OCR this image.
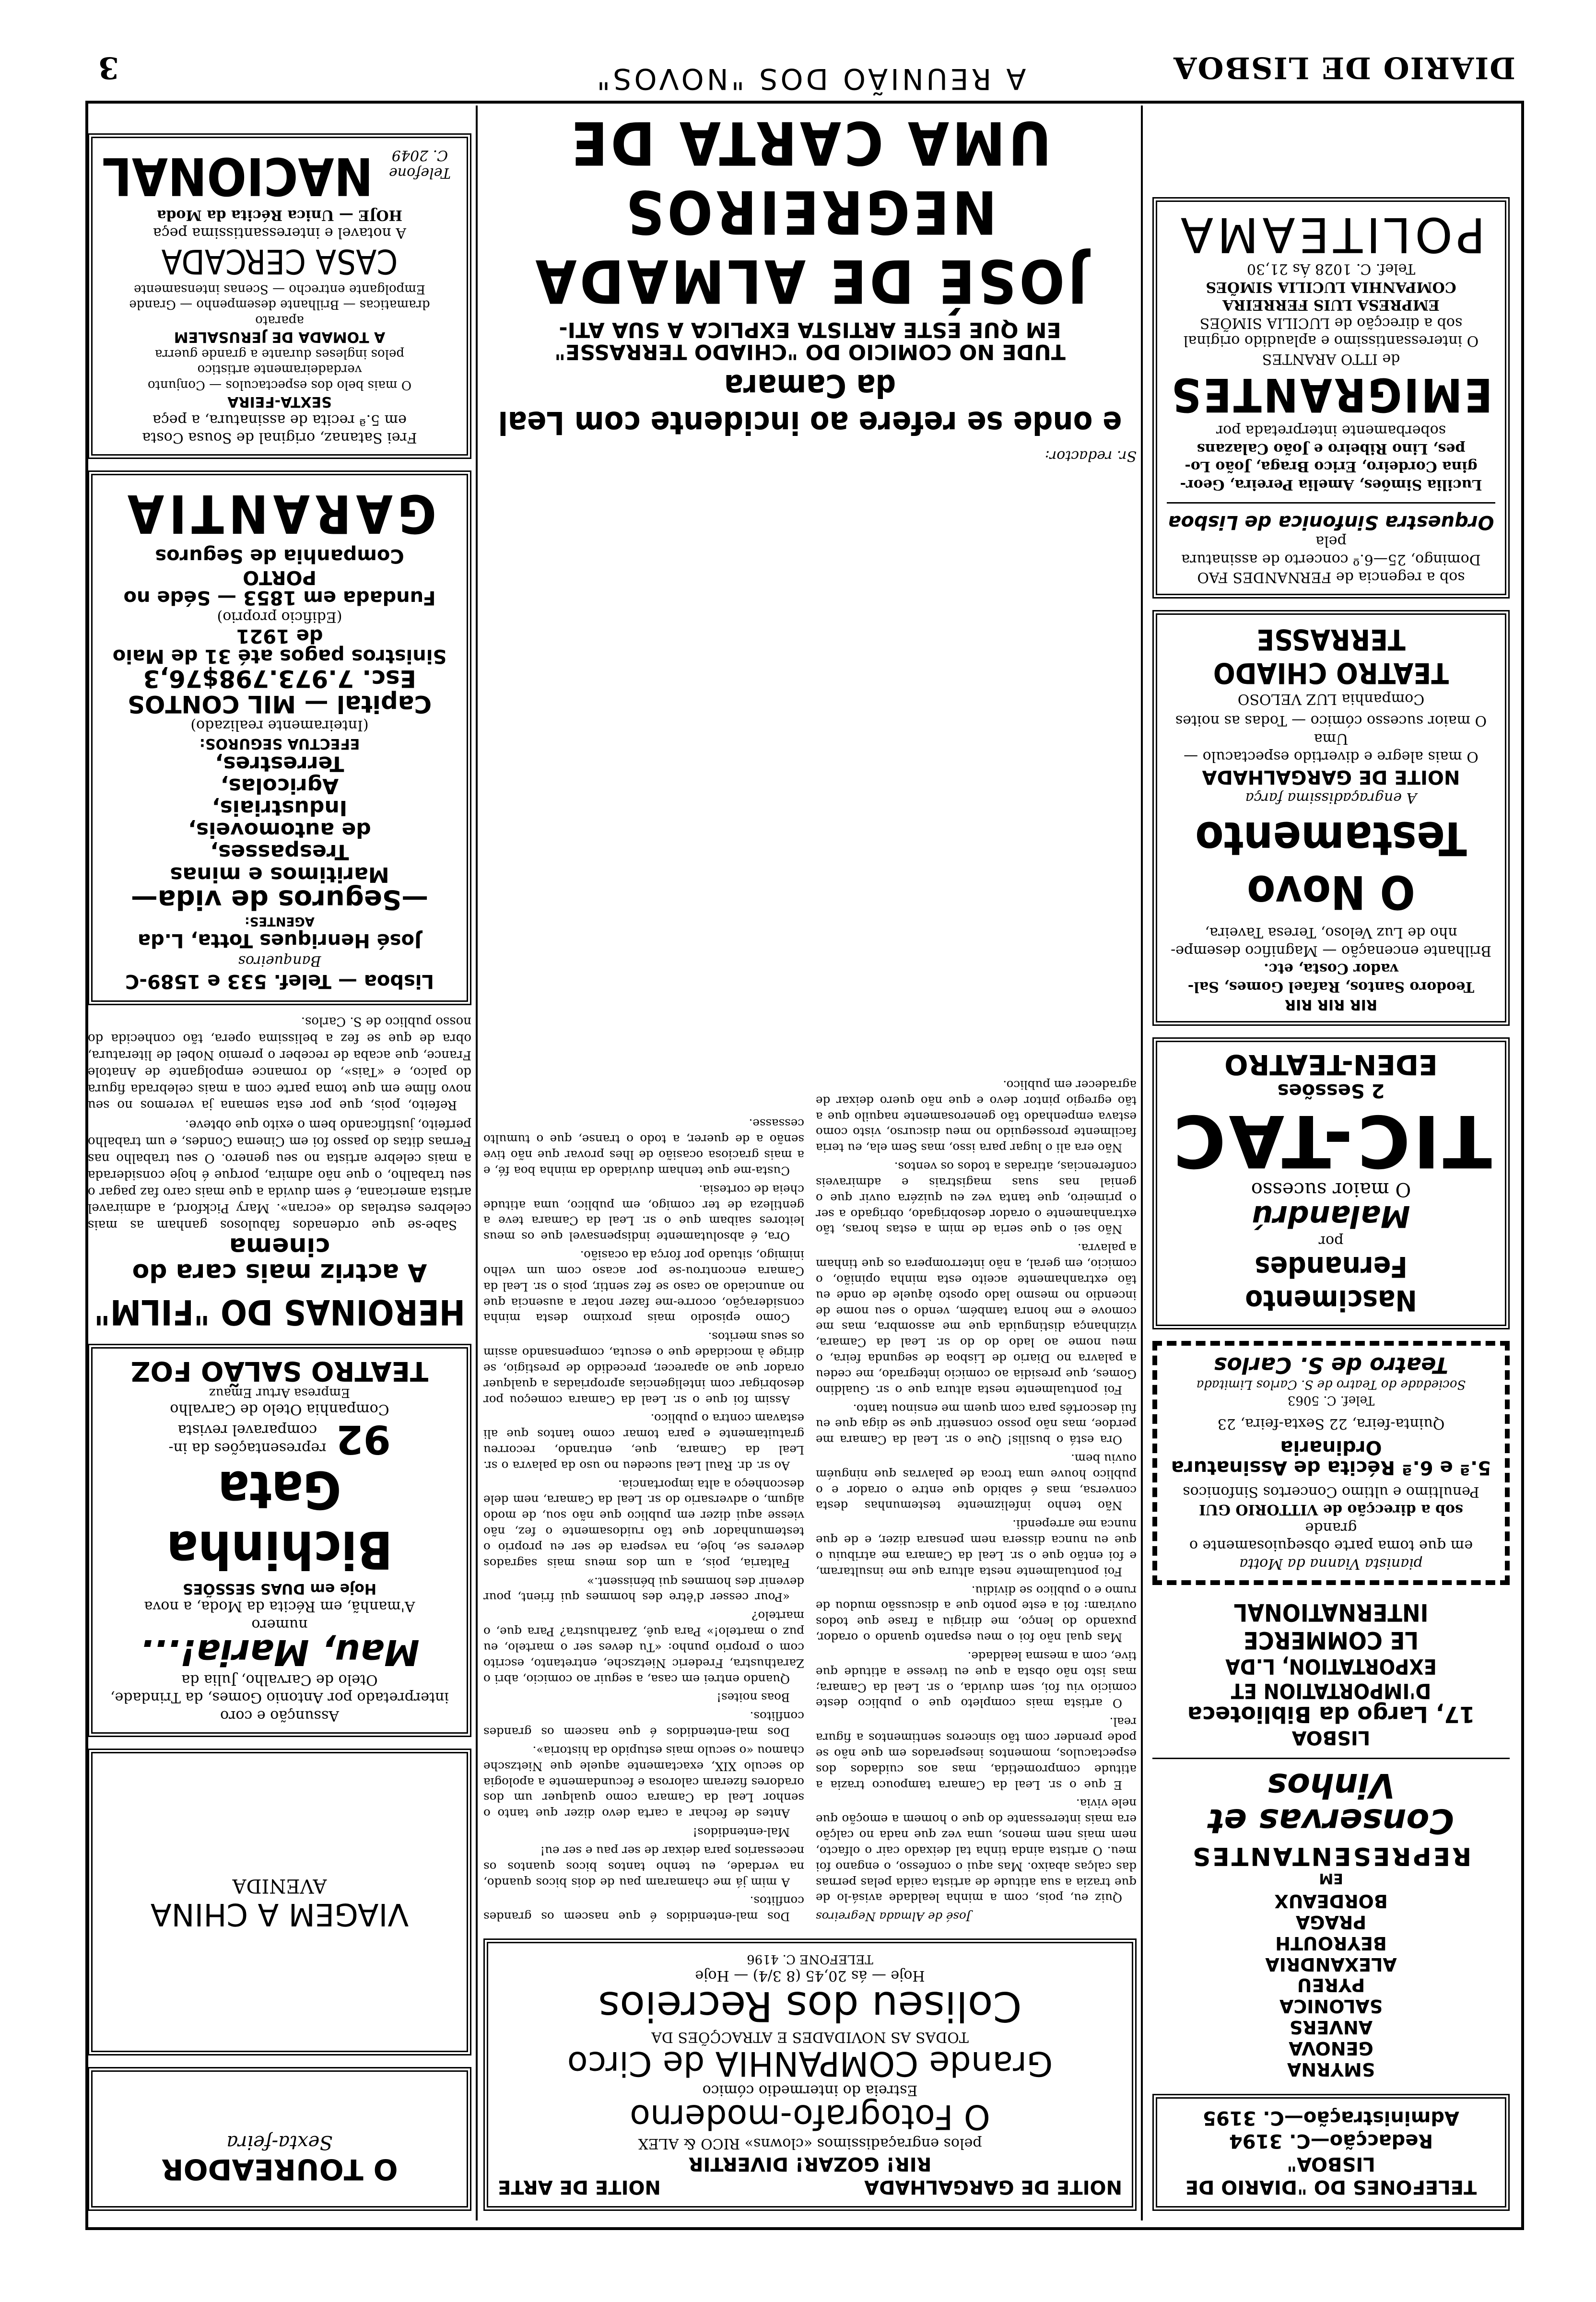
DIARIO DE LISBOA
3
TELEFONES DO "DIARIO DE LISBOA"
Redacção—C. 3194
Administração—C. 3195

SMYRNA

GENOVA

ANVERS

SALONICA

PYREU

ALEXANDRIA

BEYROUTH

PRAGA

BORDEAUX

EM
REPRESENTANTES
Conservas et Vinhos
LISBOA
17, Largo da Biblioteca
D'IMPORTATION ET EXPORTATION, L.DA
LE COMMERCE INTERNATIONAL
pianista Vianna da Motta
em que toma parte obsequiosamente o grande
sob a direcção de VITTORIO GUI
Penultimo e ultimo Concertos Sinfonicos
5.ª e 6.ª Récita de Assinatura Ordinaria
Quinta-feira, 22 Sexta-feira, 23
Telef. C. 5063
Sociedade do Teatro de S. Carlos Limitada
Teatro de S. Carlos
Nascimento Fernandes
por
Malandrú
O maior sucesso
TIC-TAC
2 Sessões
EDEN-TEATRO
RIR RIR RIR
Teodoro Santos, Rafael Gomes, Sal-
vador Costa, etc.
Brilhante encenação — Magnifico desempe-
nho de Luz Veloso, Teresa Taveira,
O Novo Testamento
A engraçadissima farça
NOITE DE GARGALHADA
O mais alegre e divertido espectaculo — Uma
O maior sucesso cómico — Todas as noites
Companhia LUZ VELOSO
TEATRO CHIADO TERRASSE
sob a regencia de FERNANDES FAO
Domingo, 25—6.º concerto de assinatura pela
Orquestra Sinfonica de Lisboa
Lucilia Simões, Amelia Pereira, Geor-
gina Cordeiro, Erico Braga, João Lo-
pes, Lino Ribeiro e João Calazans
soberbamente interpretada por
EMIGRANTES
de ITTO ARANTES
O interessantissimo e aplaudido original
sob a direcção de LUCILIA SIMÕES
EMPRESA LUIS FERREIRA
COMPANHIA LUCILIA SIMÕES
Telef. C. 1028 Ás 21,30
POLITEAMA
NOITE DE GARGALHADA
NOITE DE ARTE
RIR! GOZAR! DIVERTIR
pelos engraçadissimos «clowns» RICO & ALEX
O Fotografo-moderno
Estreia do intermedio cómico
Grande COMPANHIA de Circo
TODAS AS NOVIDADES E ATRACÇÕES DA
Coliseu dos Recreios
Hoje — ás 20,45 (8 3/4) — Hoje
TELEFONE C. 4196
José de Almada Negreiros

Quiz eu, pois, com a minha lealdade avisá-lo de que trazia a sua atitude de artista caida pelas pernas das calças abaixo. Mas aqui o confesso, o engano foi meu. O artista ainda tinha tal deixado cair o olfacto, nem mais nem menos, uma vez que nada no calção era mais interessante do que o homem a emoção que nele vivia.

E que o sr. Leal da Camara tampouco trazia a atitude comprometida, mas aos cuidados dos espectaculos, momentos inesperados em que não se pode prender com tão sinceros sentimentos a figura real.

O artista mais completo que o publico deste comicio viu foi, sem duvida, o sr. Leal da Camara; mas isto não obsta a que eu tivesse a atitude que tive, com a mesma lealdade.

Mas qual não foi o meu espanto quando o orador, puxando do lenço, me dirigiu a frase que todos ouviram: foi a este ponto que a discussão mudou de rumo e o publico se dividiu.

Foi pontualmente nesta altura que me insultaram, e foi então que o sr. Leal da Camara me atribuiu o que eu nunca dissera nem pensara dizer, e de que nunca me arrependi.

Não tenho infelizmente testemunhas desta conversa, mas é sabido que entre o orador e o publico houve uma troca de palavras que ninguém ouviu bem.

Ora está o busilis! Que o sr. Leal da Camara me perdoe, mas não posso consentir que se diga que eu fui descortês para com quem me ensinou tanto.

Foi pontualmente nesta altura que o sr. Gualdino Gomes, que presidia ao comicio integrado, me cedeu a palavra no Diario de Lisboa de segunda feira, o meu nome ao lado do do sr. Leal da Camara, vizinhança distinguida que me assombra, mas me comove e me honra também, vendo o seu nome de incendio no mesmo lado oposto àquele de onde eu tão extranhamente aceito esta minha opinião, o comicio, em geral, a não interrompera os que tinham a palavra.

Não sei o que seria de mim a estas horas, tão extranhamente o orador desobrigado, obrigado a ser o primeiro, que tanta vez eu quizéra ouvir que o genial nas suas magistrais e admiraveis conferencias, atiradas a todos os ventos.

Não era ali o lugar para isso, mas Sem ela, eu teria facilmente prosseguido no meu discurso, visto como estava empenhado tão generosamente naquilo que a tão egregio pintor devo e que não quero deixar de agradecer em publico.

Dos mal-entendidos é que nascem os grandes conflitos.

A mim já me chamaram pau de dois bicos quando, na verdade, eu tenho tantos bicos quantos os necessarios para deixar de ser pau e ser eu!

Mal-entendidos!

Antes de fechar a carta devo dizer que tanto o senhor Leal da Camara como qualquer um dos oradores fizeram calorosa e fecundamente a apologia do seculo XIX, exactamente aquele que Nietzsche chamou «o seculo mais estupido da historia».

Dos mal-entendidos é que nascem os grandes conflitos.

Boas noites!

Quando entrei em casa, a seguir ao comicio, abri o Zarathustra, Frederic Nietzsche, entretanto, escrito com o proprio punho: «Tu deves ser o martelo, eu puz o martelo!» Para quê, Zarathustra? Para que, o martelo?

«Pour cesser d'être des hommes qui frient, pour devenir des hommes qui bénissent.»

Faltaria, pois, a um dos meus mais sagrados deveres se, hoje, na vespera de ser eu proprio o testemunhador que tão ruidosamente o fez, não viesse aqui dizer em publico que não sou, de modo algum, o adversario do sr. Leal da Camara, nem dele desconheço a alta importancia.

Ao sr. dr. Raul Leal sucedeu no uso da palavra o sr. Leal da Camara, que, entrando, recorreu gratuitamente e para tomar como tantos que ali estavam contra o publico.

Assim foi que o sr. Leal da Camara começou por desobrigar com inteligencias apropriadas a qualquer orador que ao aparecer, precedido de prestigio, se dirige à mocidade que o escuta, compensando assim os seus meritos.

Como episodio mais proximo desta minha consideração, ocorre-me fazer notar a ausencia que no anunciado ao caso se fez sentir, pois o sr. Leal da Camara encontrou-se por acaso com um velho inimigo, situado por força da ocasião.

Ora, é absolutamente indispensavel que os meus leitores saibam que o sr. Leal da Camara teve a gentileza de ter comigo, em publico, uma atitude cheia de cortesia.

Custa-me que tenham duvidado da minha boa fé, e a mais graciosa ocasião de lhes provar que não tive senão a de querer, a todo o transe, que o tumulto cessasse.

Sr. redactor:
e onde se refere ao incidente com Leal da Camara
TUDE NO COMICIO DO "CHIADO TERRASSE"
EM QUE ESTE ARTISTA EXPLICA A SUA ATI-
JOSÉ DE ALMADA NEGREIROS
UMA CARTA DE
A REUNIÃO DOS "NOVOS"
O TOUREADOR
Sexta-feira
VIAGEM A CHINA
AVENIDA
Assunção e coro
interpretado por Antonio Gomes, da Trindade, Otelo de Carvalho, Julia da
Mau, Maria!...
numero
A'manhã, em Récita da Moda, a nova
Hoje em DUAS SESSÕES
Bichinha Gata
92
representações da in-
comparavel revista
Companhia Otelo de Carvalho
Empresa Artur Emauz
TEATRO SALÃO FOZ
HEROINAS DO "FILM"
A actriz mais cara do cinema

Sabe-se que ordenados fabulosos ganham as mais celebres estrelas do «ecran». Mary Pickford, a admiravel artista americana, é sem duvida a que mais caro faz pagar o seu trabalho, o que não admira, porque é hoje considerada a mais celebre artista no seu genero. O seu trabalho nas Fernas ditas do passo foi em Cinema Condes, e um trabalho perfeito, justificando bem o exito que obteve.

Refeito, pois, que por esta semana ja veremos no seu novo filme em que toma parte com a mais celebrada figura do palco, e «Tais», do romance empolgante de Anatole France, que acaba de receber o premio Nobel de literatura, obra de que se fez a belissima opera, tão conhecida do nosso publico de S. Carlos.

Lisboa — Telef. 533 e 1589-C
Banqueiros
José Henriques Totta, L.da
AGENTES:
—Seguros de vida—
Maritimos e minas
Trespasses,
de automoveis,
Industriais,
Agricolas,
Terrestres,
EFECTUA SEGUROS:
(Inteiramente realizado)
Capital — MIL CONTOS
Esc. 7.973.798$76,3
Sinistros pagos até 31 de Maio de 1921
(Edificio proprio)
Fundada em 1853 — Séde no PORTO
Companhia de Seguros
GARANTIA
Frei Satanaz, original de Sousa Costa
em 5.ª recita de assinatura, a peça
SEXTA-FEIRA
O mais belo dos espectaculos — Conjunto verdadeiramente artistico
pelos ingleses durante a grande guerra
A TOMADA DE JERUSALEM
aparato
dramaticas — Brilhante desempenho — Grande
Empolgante entrecho — Scenas intensamente
CASA CERCADA
A notavel e interessantissima peça
HOJE — Unica Récita da Moda
Telefone C. 2049
NACIONAL
